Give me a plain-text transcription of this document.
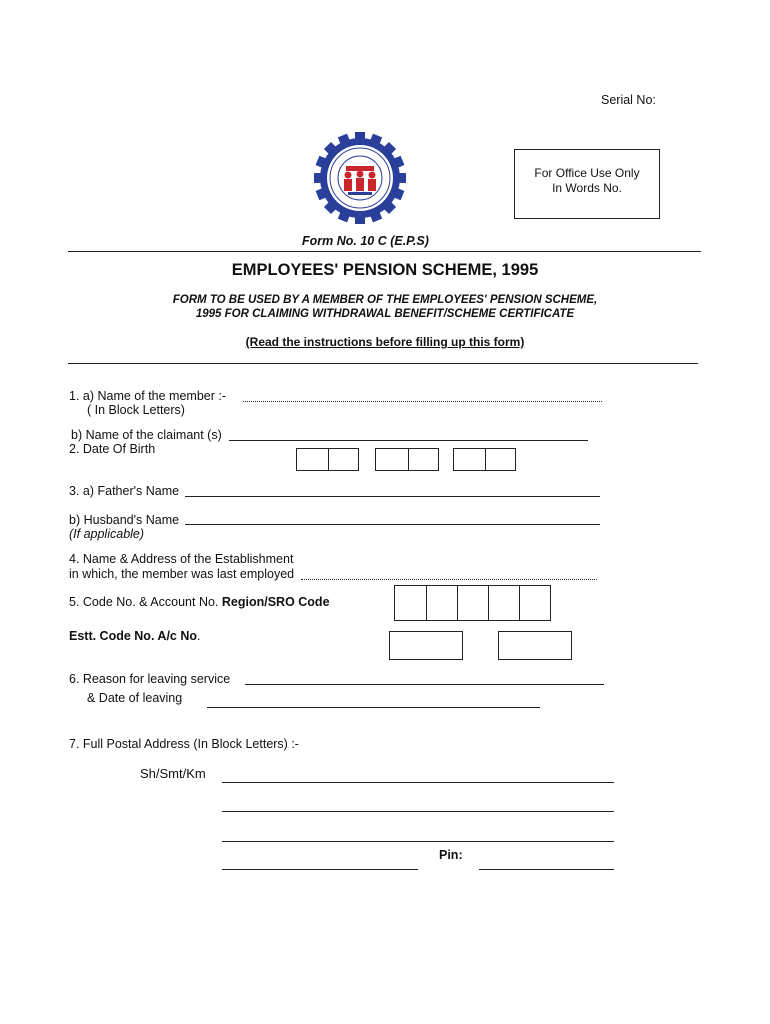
Serial No:
For Office Use Only
In Words No.
Form No. 10 C (E.P.S)
EMPLOYEES' PENSION SCHEME, 1995
FORM TO BE USED BY A MEMBER OF THE EMPLOYEES' PENSION SCHEME,
1995 FOR CLAIMING WITHDRAWAL BENEFIT/SCHEME CERTIFICATE
(Read the instructions before filling up this form)
1. a) Name of the member :-
( In Block Letters)
b) Name of the claimant (s)
2. Date Of Birth
3. a) Father's Name
b) Husband's Name
(If applicable)
4. Name & Address of the Establishment
in which, the member was last employed
5. Code No. & Account No. Region/SRO Code
Estt. Code No. A/c No.
6. Reason for leaving service
& Date of leaving
7. Full Postal Address (In Block Letters) :-
Sh/Smt/Km
Pin:
